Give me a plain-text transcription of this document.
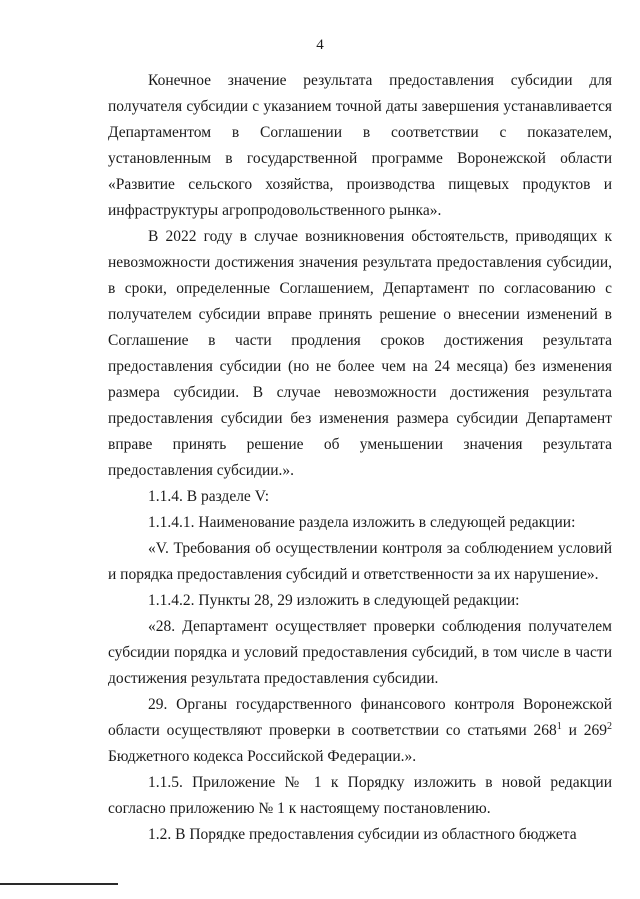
4

Конечное значение результата предоставления субсидии для получателя субсидии с указанием точной даты завершения устанавливается Департаментом в Соглашении в соответствии с показателем, установленным в государственной программе Воронежской области «Развитие сельского хозяйства, производства пищевых продуктов и инфраструктуры агропродовольственного рынка».

В 2022 году в случае возникновения обстоятельств, приводящих к невозможности достижения значения результата предоставления субсидии, в сроки, определенные Соглашением, Департамент по согласованию с получателем субсидии вправе принять решение о внесении изменений в Соглашение в части продления сроков достижения результата предоставления субсидии (но не более чем на 24 месяца) без изменения размера субсидии. В случае невозможности достижения результата предоставления субсидии без изменения размера субсидии Департамент вправе принять решение об уменьшении значения результата предоставления субсидии.».

1.1.4. В разделе V:

1.1.4.1. Наименование раздела изложить в следующей редакции:

«V. Требования об осуществлении контроля за соблюдением условий и порядка предоставления субсидий и ответственности за их нарушение».

1.1.4.2. Пункты 28, 29 изложить в следующей редакции:

«28. Департамент осуществляет проверки соблюдения получателем субсидии порядка и условий предоставления субсидий, в том числе в части достижения результата предоставления субсидии.

29. Органы государственного финансового контроля Воронежской области осуществляют проверки в соответствии со статьями $268^1$ и $269^2$ Бюджетного кодекса Российской Федерации.».

1.1.5. Приложение № 1 к Порядку изложить в новой редакции согласно приложению № 1 к настоящему постановлению.

1.2. В Порядке предоставления субсидии из областного бюджета
